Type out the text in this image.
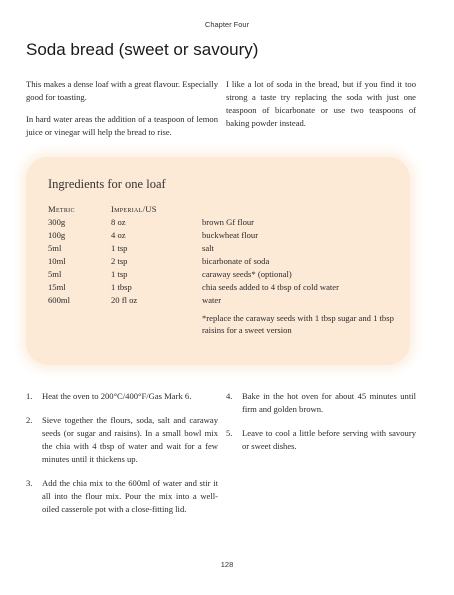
Chapter Four
Soda bread (sweet or savoury)

This makes a dense loaf with a great flavour. Especially good for toasting.

In hard water areas the addition of a teaspoon of lemon juice or vinegar will help the bread to rise.

I like a lot of soda in the bread, but if you find it too strong a taste try replacing the soda with just one teaspoon of bicarbonate or use two teaspoons of baking powder instead.

Ingredients for one loaf
Metric	Imperial/US
300g	8 oz	brown Gf flour
100g	4 oz	buckwheat flour
5ml	1 tsp	salt
10ml	2 tsp	bicarbonate of soda
5ml	1 tsp	caraway seeds* (optional)
15ml	1 tbsp	chia seeds added to 4 tbsp of cold water
600ml	20 fl oz	water
*replace the caraway seeds with 1 tbsp sugar and 1 tbsp raisins for a sweet version
1.	Heat the oven to 200°C/400°F/Gas Mark 6.
2.	Sieve together the flours, soda, salt and caraway seeds (or sugar and raisins). In a small bowl mix the chia with 4 tbsp of water and wait for a few minutes until it thickens up.
3.	Add the chia mix to the 600ml of water and stir it all into the flour mix. Pour the mix into a well-oiled casserole pot with a close-fitting lid.
4.	Bake in the hot oven for about 45 minutes until firm and golden brown.
5.	Leave to cool a little before serving with savoury or sweet dishes.
128
